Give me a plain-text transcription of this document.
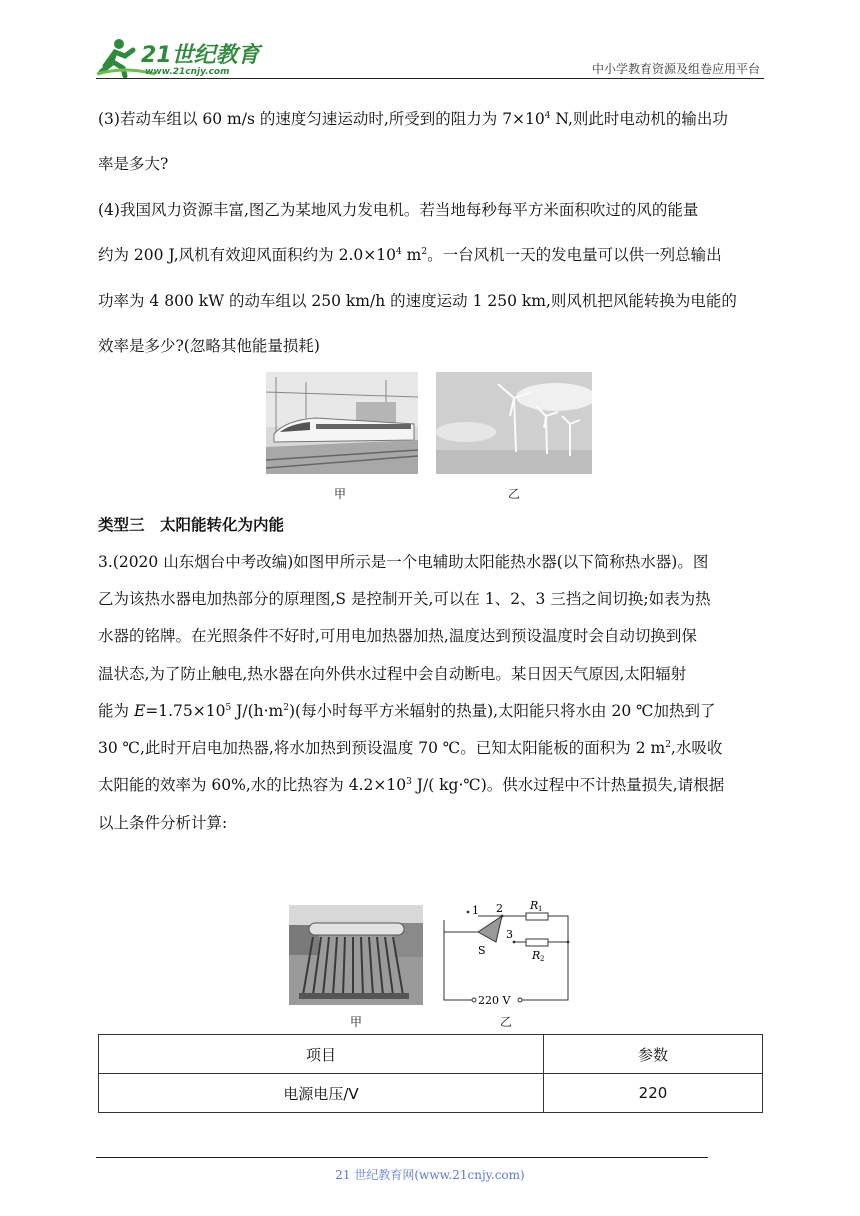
21世纪教育
www.21cnjy.com	中小学教育资源及组卷应用平台

(3)若动车组以 60 m/s 的速度匀速运动时,所受到的阻力为 $7\times 10^4$ N,则此时电动机的输出功

率是多大?

(4)我国风力资源丰富,图乙为某地风力发电机。若当地每秒每平方米面积吹过的风的能量

约为 200 J,风机有效迎风面积约为 $2.0\times 10^4$ $m^2$。一台风机一天的发电量可以供一列总输出

功率为 4 800 kW 的动车组以 250 km/h 的速度运动 1 250 km,则风机把风能转换为电能的

效率是多少?(忽略其他能量损耗)

甲	乙
类型三　太阳能转化为内能

3.(2020 山东烟台中考改编)如图甲所示是一个电辅助太阳能热水器(以下简称热水器)。图

乙为该热水器电加热部分的原理图,S 是控制开关,可以在 1、2、3 三挡之间切换;如表为热

水器的铭牌。在光照条件不好时,可用电加热器加热,温度达到预设温度时会自动切换到保

温状态,为了防止触电,热水器在向外供水过程中会自动断电。某日因天气原因,太阳辐射

能为 $E=1.75\times 10^5$ $J/(h\cdot m^2)$(每小时每平方米辐射的热量),太阳能只将水由 20 ℃加热到了

30 ℃,此时开启电加热器,将水加热到预设温度 70 ℃。已知太阳能板的面积为 2 $m^2$,水吸收

太阳能的效率为 60%,水的比热容为 $4.2\times 10^3$ J/( kg·℃)。供水过程中不计热量损失,请根据

以上条件分析计算:

1 2
3
S
R 1
R 2
220 V
甲	乙
项目	参数
电源电压/V	220
21 世纪教育网(www.21cnjy.com)
